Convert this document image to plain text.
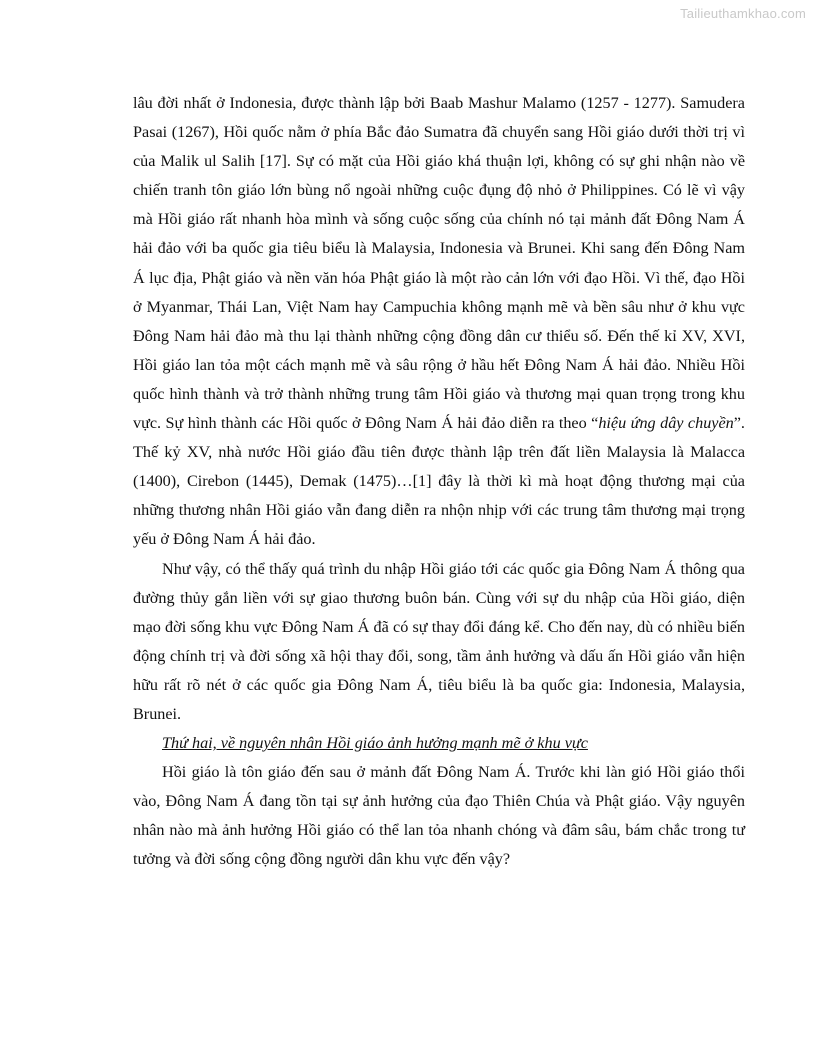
Tailieuthamkhao.com

lâu đời nhất ở Indonesia, được thành lập bởi Baab Mashur Malamo (1257 - 1277). Samudera Pasai (1267), Hồi quốc nằm ở phía Bắc đảo Sumatra đã chuyển sang Hồi giáo dưới thời trị vì của Malik ul Salih [17]. Sự có mặt của Hồi giáo khá thuận lợi, không có sự ghi nhận nào về chiến tranh tôn giáo lớn bùng nổ ngoài những cuộc đụng độ nhỏ ở Philippines. Có lẽ vì vậy mà Hồi giáo rất nhanh hòa mình và sống cuộc sống của chính nó tại mảnh đất Đông Nam Á hải đảo với ba quốc gia tiêu biểu là Malaysia, Indonesia và Brunei. Khi sang đến Đông Nam Á lục địa, Phật giáo và nền văn hóa Phật giáo là một rào cản lớn với đạo Hồi. Vì thế, đạo Hồi ở Myanmar, Thái Lan, Việt Nam hay Campuchia không mạnh mẽ và bền sâu như ở khu vực Đông Nam hải đảo mà thu lại thành những cộng đồng dân cư thiểu số. Đến thế kỉ XV, XVI, Hồi giáo lan tỏa một cách mạnh mẽ và sâu rộng ở hầu hết Đông Nam Á hải đảo. Nhiều Hồi quốc hình thành và trở thành những trung tâm Hồi giáo và thương mại quan trọng trong khu vực. Sự hình thành các Hồi quốc ở Đông Nam Á hải đảo diễn ra theo “hiệu ứng dây chuyền”. Thế kỷ XV, nhà nước Hồi giáo đầu tiên được thành lập trên đất liền Malaysia là Malacca (1400), Cirebon (1445), Demak (1475)…[1] đây là thời kì mà hoạt động thương mại của những thương nhân Hồi giáo vẫn đang diễn ra nhộn nhịp với các trung tâm thương mại trọng yếu ở Đông Nam Á hải đảo.

Như vậy, có thể thấy quá trình du nhập Hồi giáo tới các quốc gia Đông Nam Á thông qua đường thủy gắn liền với sự giao thương buôn bán. Cùng với sự du nhập của Hồi giáo, diện mạo đời sống khu vực Đông Nam Á đã có sự thay đổi đáng kể. Cho đến nay, dù có nhiều biến động chính trị và đời sống xã hội thay đổi, song, tầm ảnh hưởng và dấu ấn Hồi giáo vẫn hiện hữu rất rõ nét ở các quốc gia Đông Nam Á, tiêu biểu là ba quốc gia: Indonesia, Malaysia, Brunei.

Thứ hai, về nguyên nhân Hồi giáo ảnh hưởng mạnh mẽ ở khu vực

Hồi giáo là tôn giáo đến sau ở mảnh đất Đông Nam Á. Trước khi làn gió Hồi giáo thổi vào, Đông Nam Á đang tồn tại sự ảnh hưởng của đạo Thiên Chúa và Phật giáo. Vậy nguyên nhân nào mà ảnh hưởng Hồi giáo có thể lan tỏa nhanh chóng và đâm sâu, bám chắc trong tư tưởng và đời sống cộng đồng người dân khu vực đến vậy?
